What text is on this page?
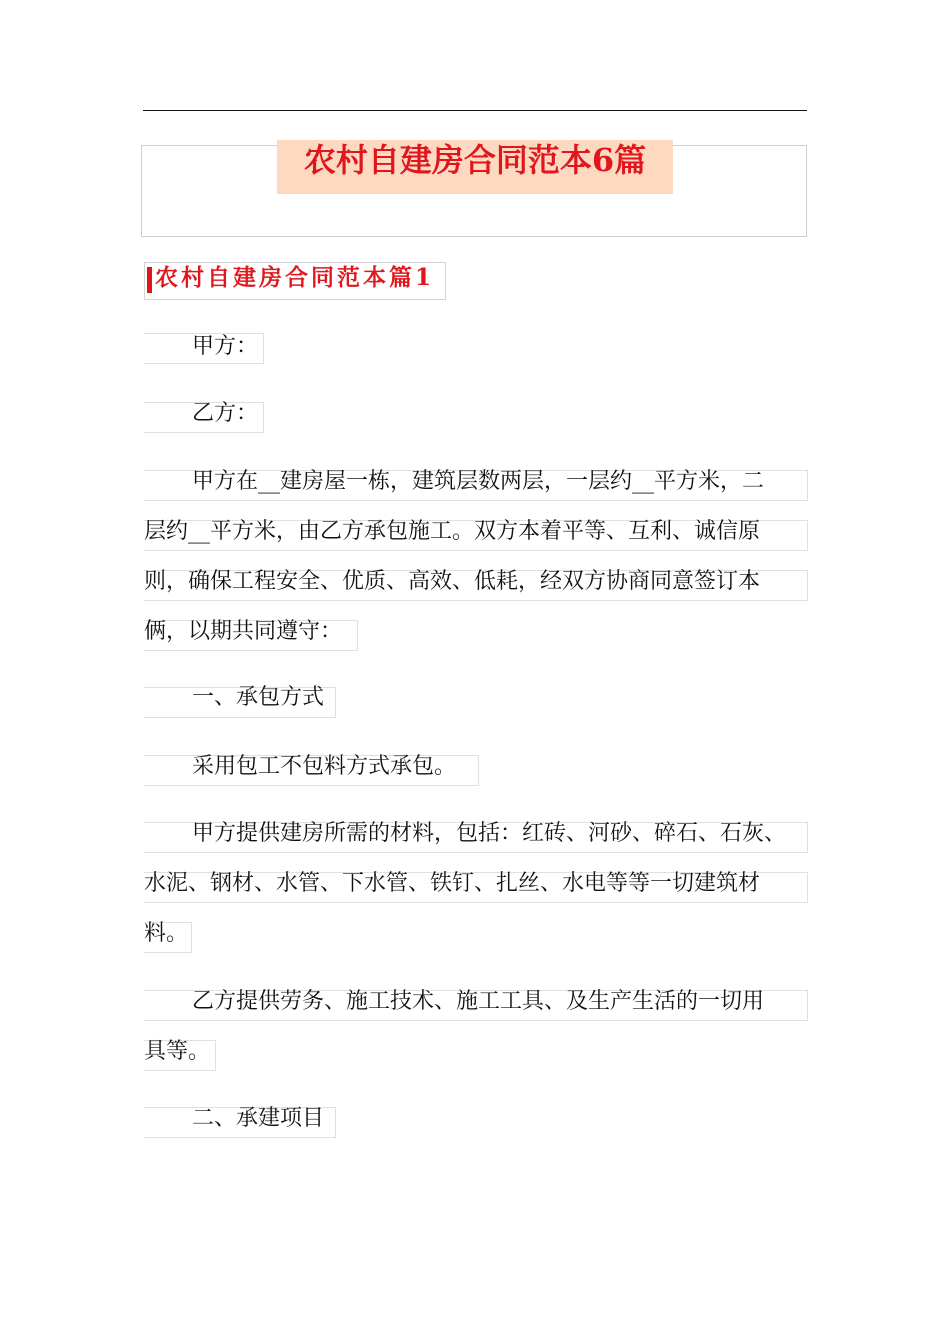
农村自建房合同范本6篇
农村自建房合同范本篇1

甲方：

乙方：

甲方在__建房屋一栋，建筑层数两层，一层约__平方米，二
层约__平方米，由乙方承包施工。双方本着平等、互利、诚信原
则，确保工程安全、优质、高效、低耗，经双方协商同意签订本
俩，以期共同遵守：

一、承包方式

采用包工不包料方式承包。

甲方提供建房所需的材料，包括：红砖、河砂、碎石、石灰、
水泥、钢材、水管、下水管、铁钉、扎丝、水电等等一切建筑材
料。
乙方提供劳务、施工技术、施工工具、及生产生活的一切用
具等。

二、承建项目
